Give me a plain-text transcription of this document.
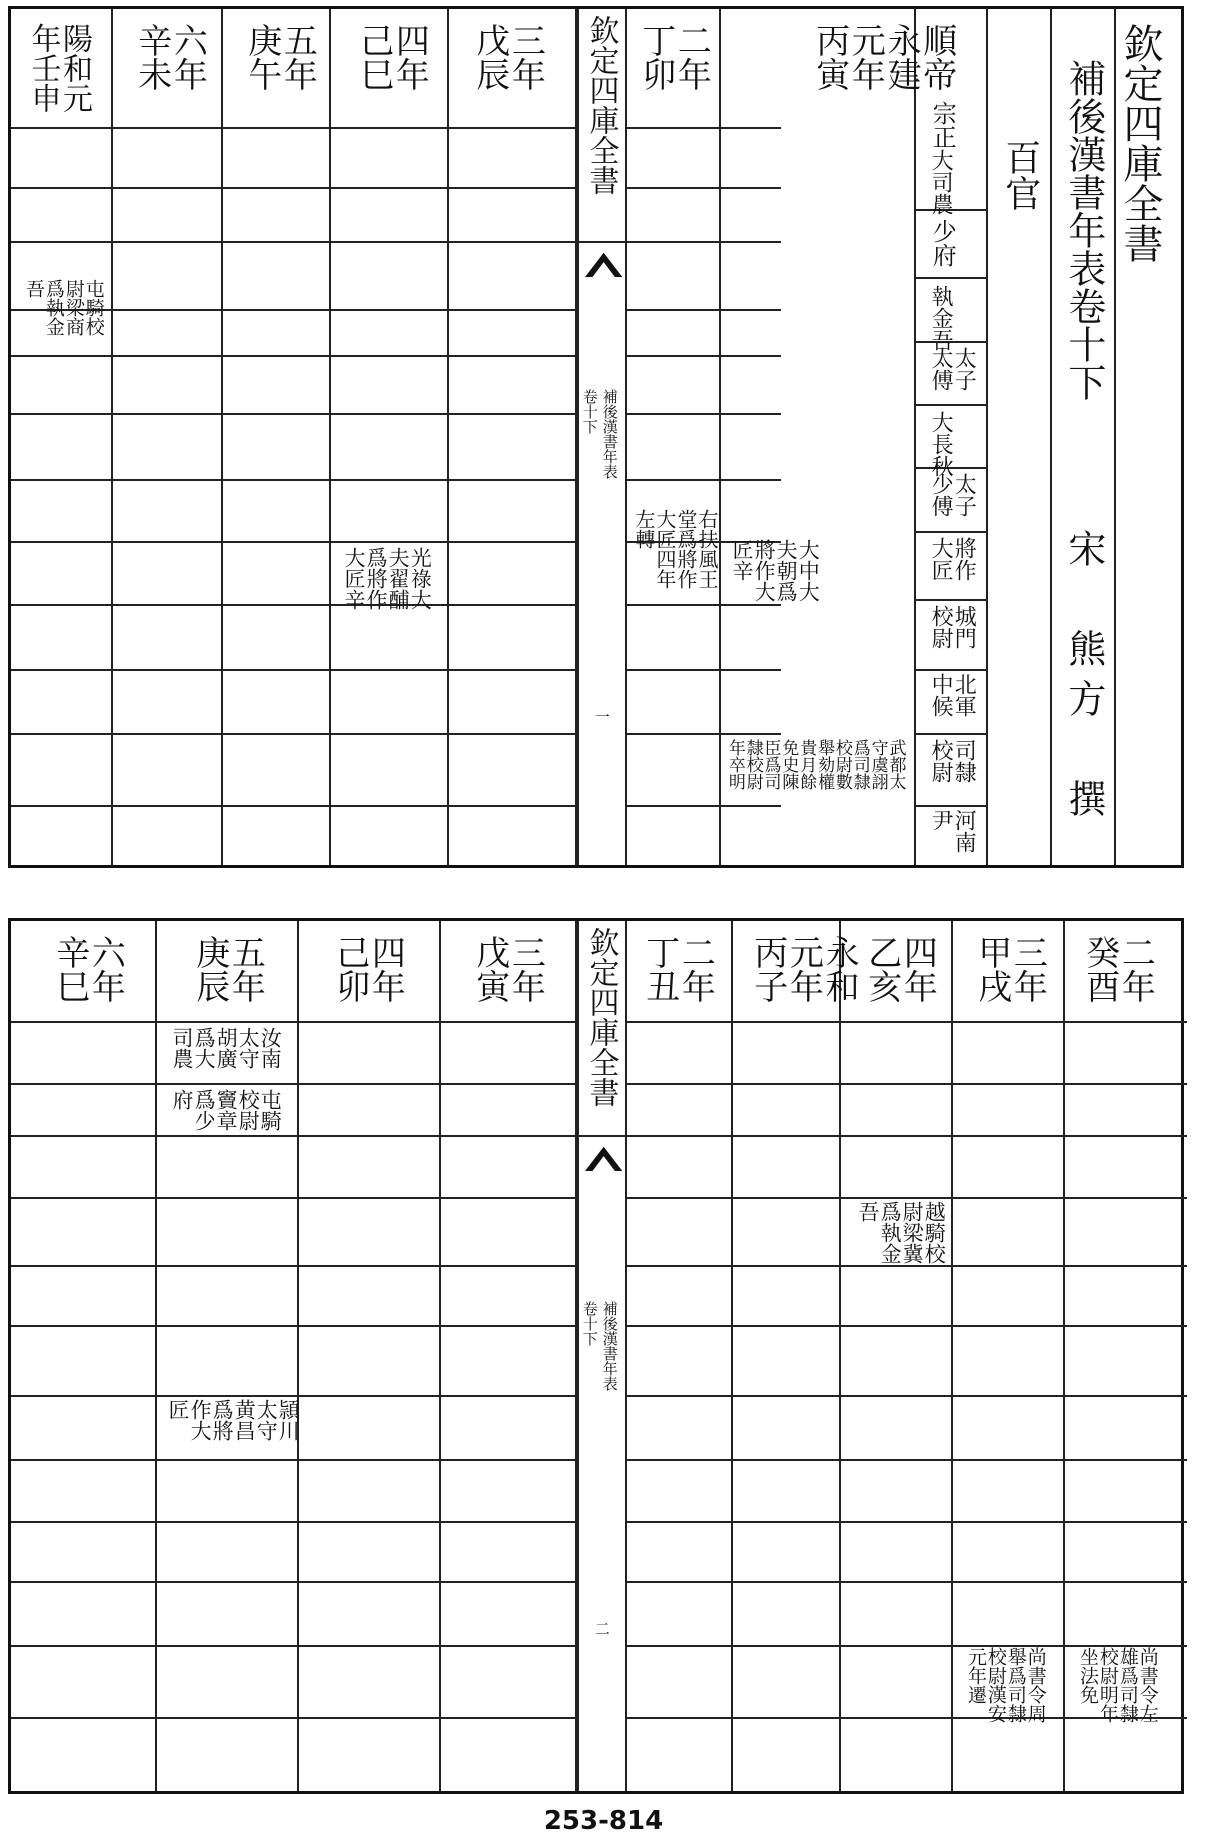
欽定四庫全書
補後漢書年表
卷十下
一
欽定四庫全書
補後漢書年表卷十下
宋　熊方　撰
百官
宗正
大司農
少府
執金吾
太子太傅
大長秋
太子少傅
將作大匠
城門校尉
北軍中候
司隸校尉
河南尹
順帝永建元年丙寅
二年丁卯
三年戊辰
四年己巳
五年庚午
六年辛未
陽和元年壬申
大中大夫朝爲將作大匠辛
武都太守虞詡爲司隸校尉數舉劾權貴月餘免史陳臣爲司隸校尉年卒明
右扶風王堂爲將作大匠四年左轉
光祿大夫翟酺爲將作大匠辛
屯騎校尉梁商爲執金吾
欽定四庫全書
補後漢書年表
卷十下
二
二年癸酉
三年甲戌
四年乙亥
永和元年丙子
二年丁丑
三年戊寅
四年己卯
五年庚辰
六年辛巳
越騎校尉梁冀爲執金吾
尚書令左雄爲司隸校尉明年坐法免
尚書令周舉爲司隸校尉漢安元年遷
汝南太守胡廣爲大司農
屯騎校尉竇章爲少府
頴川太守黄昌爲將作大匠
253-814
